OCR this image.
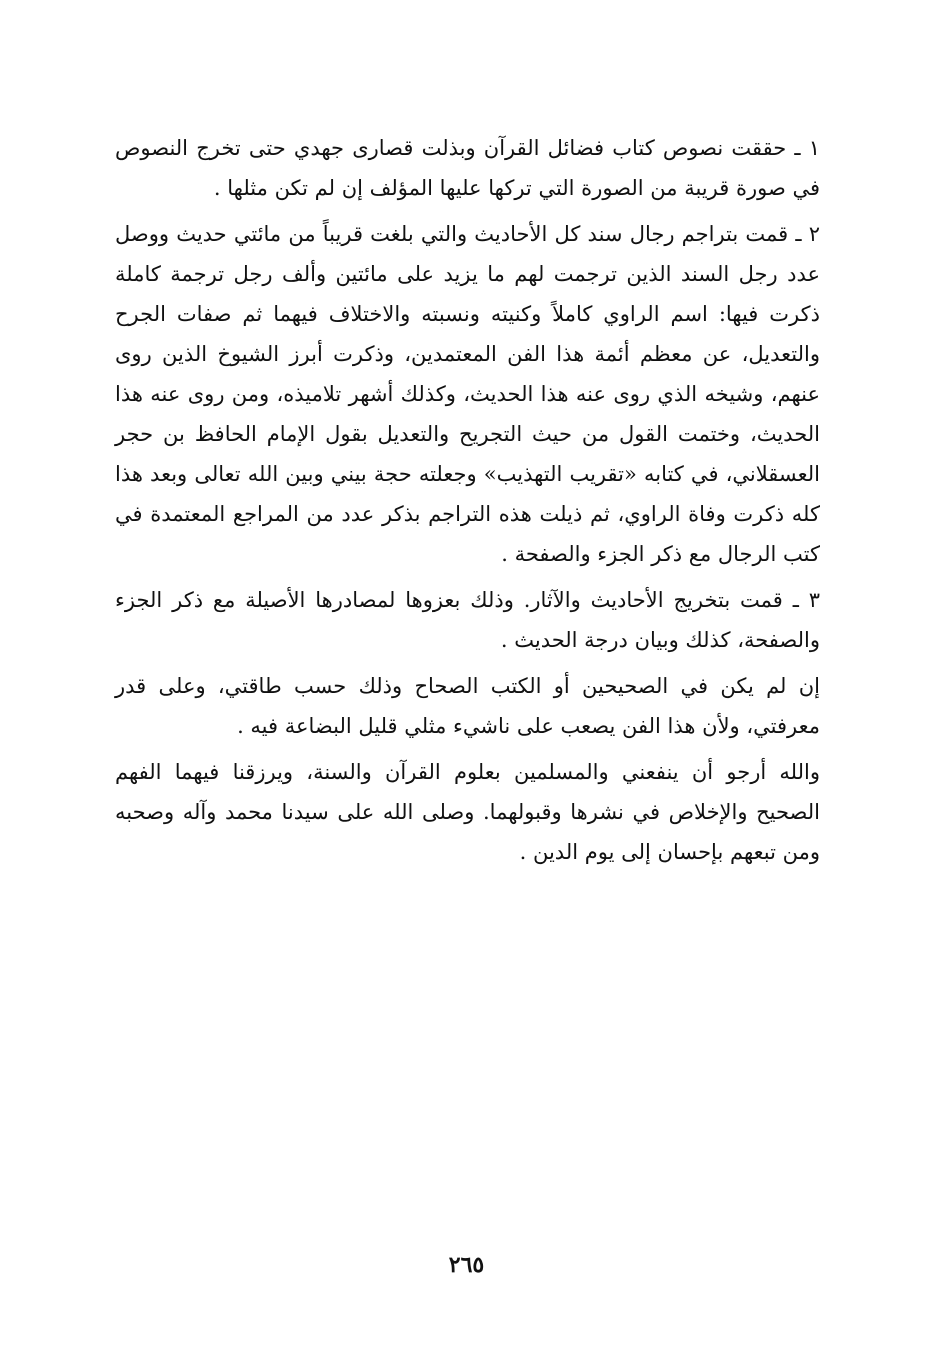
١ ـ حققت نصوص كتاب فضائل القرآن وبذلت قصارى جهدي حتى تخرج النصوص في صورة قريبة من الصورة التي تركها عليها المؤلف إن لم تكن مثلها .

٢ ـ قمت بتراجم رجال سند كل الأحاديث والتي بلغت قريباً من مائتي حديث ووصل عدد رجل السند الذين ترجمت لهم ما يزيد على مائتين وألف رجل ترجمة كاملة ذكرت فيها: اسم الراوي كاملاً وكنيته ونسبته والاختلاف فيهما ثم صفات الجرح والتعديل، عن معظم أئمة هذا الفن المعتمدين، وذكرت أبرز الشيوخ الذين روى عنهم، وشيخه الذي روى عنه هذا الحديث، وكذلك أشهر تلاميذه، ومن روى عنه هذا الحديث، وختمت القول من حيث التجريح والتعديل بقول الإمام الحافظ بن حجر العسقلاني، في كتابه «تقريب التهذيب» وجعلته حجة بيني وبين الله تعالى وبعد هذا كله ذكرت وفاة الراوي، ثم ذيلت هذه التراجم بذكر عدد من المراجع المعتمدة في كتب الرجال مع ذكر الجزء والصفحة .

٣ ـ قمت بتخريج الأحاديث والآثار. وذلك بعزوها لمصادرها الأصيلة مع ذكر الجزء والصفحة، كذلك وبيان درجة الحديث .

إن لم يكن في الصحيحين أو الكتب الصحاح وذلك حسب طاقتي، وعلى قدر معرفتي، ولأن هذا الفن يصعب على ناشيء مثلي قليل البضاعة فيه .

والله أرجو أن ينفعني والمسلمين بعلوم القرآن والسنة، ويرزقنا فيهما الفهم الصحيح والإخلاص في نشرها وقبولهما. وصلى الله على سيدنا محمد وآله وصحبه ومن تبعهم بإحسان إلى يوم الدين .

٢٦٥
